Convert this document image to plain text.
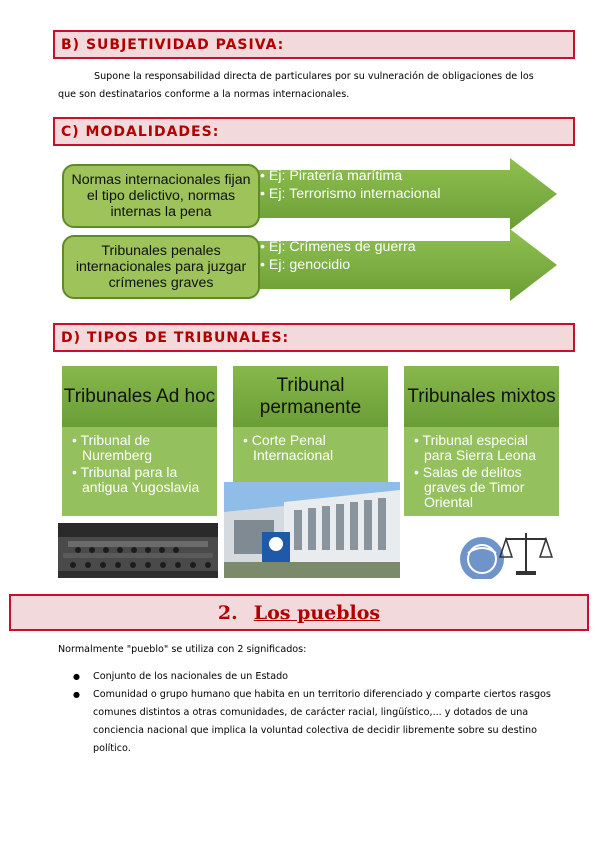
B) SUBJETIVIDAD PASIVA:
Supone la responsabilidad directa de particulares por su vulneración de obligaciones de los que son destinatarios conforme a la normas internacionales.
C) MODALIDADES:
Normas internacionales fijan el tipo delictivo, normas internas la pena
• Ej: Piratería marítima
• Ej: Terrorismo internacional
Tribunales penales internacionales para juzgar crímenes graves
• Ej: Crímenes de guerra
• Ej: genocidio
D) TIPOS DE TRIBUNALES:
Tribunales Ad hoc
• Tribunal de Nuremberg
• Tribunal para la antigua Yugoslavia
Tribunal permanente
• Corte Penal Internacional
Tribunales mixtos
• Tribunal especial para Sierra Leona
• Salas de delitos graves de Timor Oriental
2. Los pueblos
Normalmente "pueblo" se utiliza con 2 significados:
● Conjunto de los nacionales de un Estado
● Comunidad o grupo humano que habita en un territorio diferenciado y comparte ciertos rasgos comunes distintos a otras comunidades, de carácter racial, lingüístico,... y dotados de una conciencia nacional que implica la voluntad colectiva de decidir libremente sobre su destino político.
